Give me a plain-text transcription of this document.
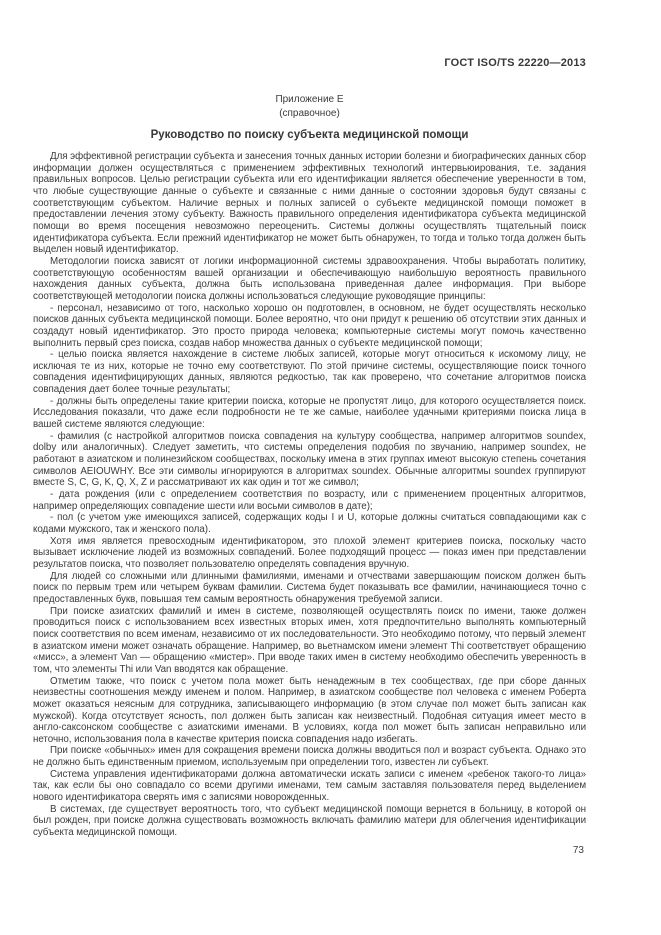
ГОСТ ISO/TS 22220—2013
Приложение Е
(справочное)
Руководство по поиску субъекта медицинской помощи

Для эффективной регистрации субъекта и занесения точных данных истории болезни и биографических данных сбор информации должен осуществляться с применением эффективных технологий интервьюирования, т.е. задания правильных вопросов. Целью регистрации субъекта или его идентификации является обеспечение уверенности в том, что любые существующие данные о субъекте и связанные с ними данные о состоянии здоровья будут связаны с соответствующим субъектом. Наличие верных и полных записей о субъекте медицинской помощи поможет в предоставлении лечения этому субъекту. Важность правильного определения идентификатора субъекта медицинской помощи во время посещения невозможно переоценить. Системы должны осуществлять тщательный поиск идентификатора субъекта. Если прежний идентификатор не может быть обнаружен, то тогда и только тогда должен быть выделен новый идентификатор.

Методологии поиска зависят от логики информационной системы здравоохранения. Чтобы выработать политику, соответствующую особенностям вашей организации и обеспечивающую наибольшую вероятность правильного нахождения данных субъекта, должна быть использована приведенная далее информация. При выборе соответствующей методологии поиска должны использоваться следующие руководящие принципы:

- персонал, независимо от того, насколько хорошо он подготовлен, в основном, не будет осуществлять несколько поисков данных субъекта медицинской помощи. Более вероятно, что они придут к решению об отсутствии этих данных и создадут новый идентификатор. Это просто природа человека; компьютерные системы могут помочь качественно выполнить первый срез поиска, создав набор множества данных о субъекте медицинской помощи;

- целью поиска является нахождение в системе любых записей, которые могут относиться к искомому лицу, не исключая те из них, которые не точно ему соответствуют. По этой причине системы, осуществляющие поиск точного совпадения идентифицирующих данных, являются редкостью, так как проверено, что сочетание алгоритмов поиска совпадения дает более точные результаты;

- должны быть определены такие критерии поиска, которые не пропустят лицо, для которого осуществляется поиск. Исследования показали, что даже если подробности не те же самые, наиболее удачными критериями поиска лица в вашей системе являются следующие:

- фамилия (с настройкой алгоритмов поиска совпадения на культуру сообщества, например алгоритмов soundex, dolby или аналогичных). Следует заметить, что системы определения подобия по звучанию, например soundex, не работают в азиатском и полинезийском сообществах, поскольку имена в этих группах имеют высокую степень сочетания символов AEIOUWHY. Все эти символы игнорируются в алгоритмах soundex. Обычные алгоритмы soundex группируют вместе S, C, G, K, Q, X, Z и рассматривают их как один и тот же символ;

- дата рождения (или с определением соответствия по возрасту, или с применением процентных алгоритмов, например определяющих совпадение шести или восьми символов в дате);

- пол (с учетом уже имеющихся записей, содержащих коды I и U, которые должны считаться совпадающими как с кодами мужского, так и женского пола).

Хотя имя является превосходным идентификатором, это плохой элемент критериев поиска, поскольку часто вызывает исключение людей из возможных совпадений. Более подходящий процесс — показ имен при представлении результатов поиска, что позволяет пользователю определять совпадения вручную.

Для людей со сложными или длинными фамилиями, именами и отчествами завершающим поиском должен быть поиск по первым трем или четырем буквам фамилии. Система будет показывать все фамилии, начинающиеся точно с предоставленных букв, повышая тем самым вероятность обнаружения требуемой записи.

При поиске азиатских фамилий и имен в системе, позволяющей осуществлять поиск по имени, также должен проводиться поиск с использованием всех известных вторых имен, хотя предпочтительно выполнять компьютерный поиск соответствия по всем именам, независимо от их последовательности. Это необходимо потому, что первый элемент в азиатском имени может означать обращение. Например, во вьетнамском имени элемент Thi соответствует обращению «мисс», а элемент Van — обращению «мистер». При вводе таких имен в систему необходимо обеспечить уверенность в том, что элементы Thi или Van вводятся как обращение.

Отметим также, что поиск с учетом пола может быть ненадежным в тех сообществах, где при сборе данных неизвестны соотношения между именем и полом. Например, в азиатском сообществе пол человека с именем Роберта может оказаться неясным для сотрудника, записывающего информацию (в этом случае пол может быть записан как мужской). Когда отсутствует ясность, пол должен быть записан как неизвестный. Подобная ситуация имеет место в англо-саксонском сообществе с азиатскими именами. В условиях, когда пол может быть записан неправильно или неточно, использования пола в качестве критерия поиска совпадения надо избегать.

При поиске «обычных» имен для сокращения времени поиска должны вводиться пол и возраст субъекта. Однако это не должно быть единственным приемом, используемым при определении того, известен ли субъект.

Система управления идентификаторами должна автоматически искать записи с именем «ребенок такого-то лица» так, как если бы оно совпадало со всеми другими именами, тем самым заставляя пользователя перед выделением нового идентификатора сверять имя с записями новорожденных.

В системах, где существует вероятность того, что субъект медицинской помощи вернется в больницу, в которой он был рожден, при поиске должна существовать возможность включать фамилию матери для облегчения идентификации субъекта медицинской помощи.

73
